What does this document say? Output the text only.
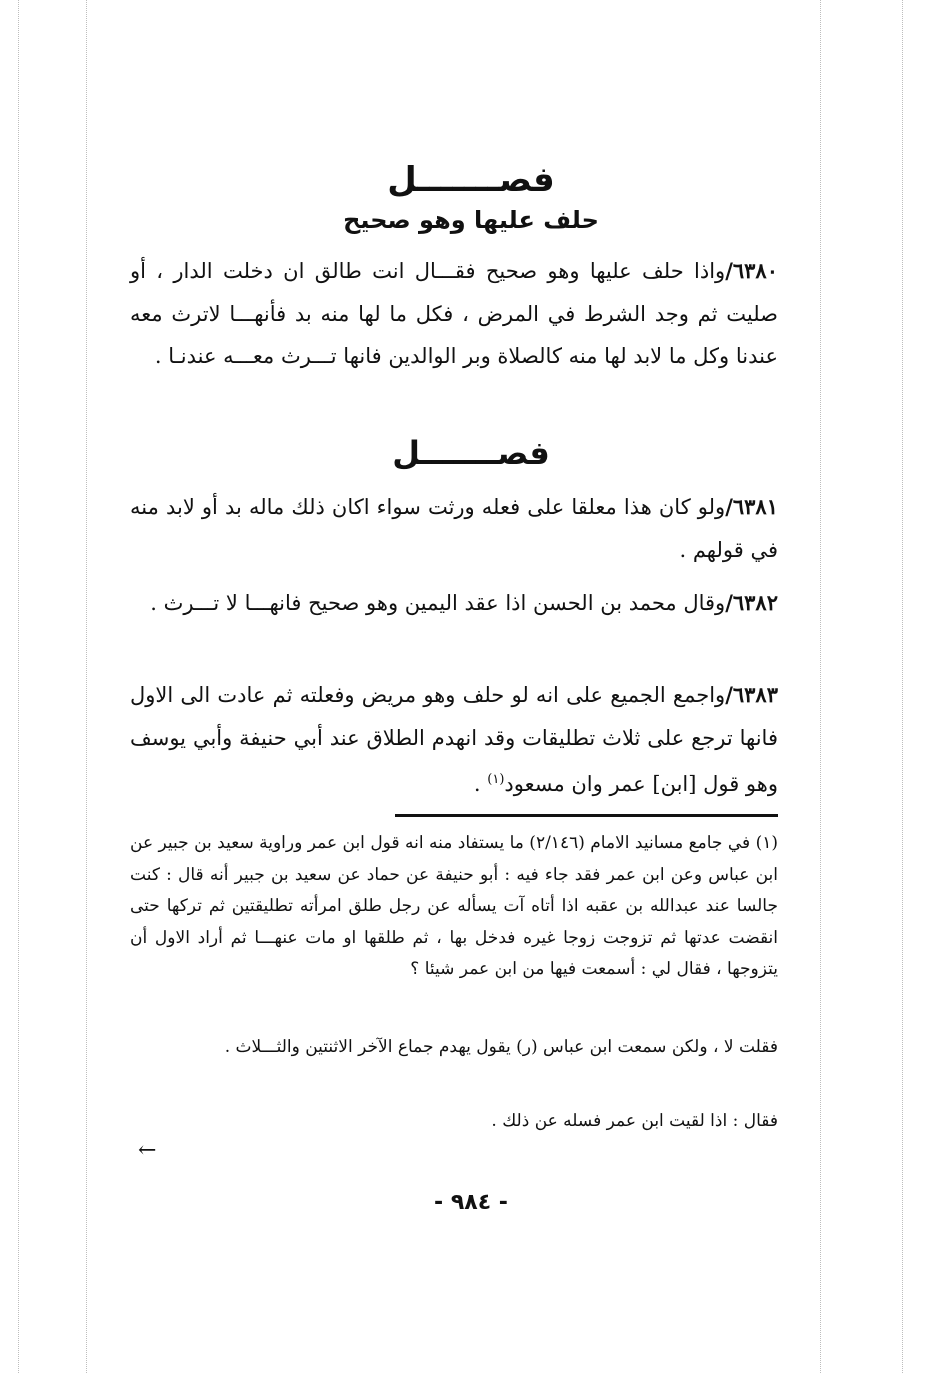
فصـــــــل
حلف عليها وهو صحيح
٦٣٨٠/واذا حلف عليها وهو صحيح فقـــال انت طالق ان دخلت الدار ، أو صليت ثم وجد الشرط في المرض ، فكل ما لها منه بد فأنهـــا لاترث معه عندنا وكل ما لابد لها منه كالصلاة وبر الوالدين فانها تـــرث معـــه عندنـا .
فصـــــــل
٦٣٨١/ولو كان هذا معلقا على فعله ورثت سواء اكان ذلك ماله بد أو لابد منه في قولهم .
٦٣٨٢/وقال محمد بن الحسن اذا عقد اليمين وهو صحيح فانهـــا لا تـــرث .
٦٣٨٣/واجمع الجميع على انه لو حلف وهو مريض وفعلته ثم عادت الى الاول فانها ترجع على ثلاث تطليقات وقد انهدم الطلاق عند أبي حنيفة وأبي يوسف وهو قول [ابن] عمر وان مسعود$^{(١)}$ .
(١) في جامع مسانيد الامام (٢/١٤٦) ما يستفاد منه انه قول ابن عمر وراوية سعيد بن جبير عن ابن عباس وعن ابن عمر فقد جاء فيه : أبو حنيفة عن حماد عن سعيد بن جبير أنه قال : كنت جالسا عند عبدالله بن عقبه اذا أتاه آت يسأله عن رجل طلق امرأته تطليقتين ثم تركها حتى انقضت عدتها ثم تزوجت زوجا غيره فدخل بها ، ثم طلقها او مات عنهـــا ثم أراد الاول أن يتزوجها ، فقال لي : أسمعت فيها من ابن عمر شيئا ؟
فقلت لا ، ولكن سمعت ابن عباس (ر) يقول يهدم جماع الآخر الاثنتين والثـــلاث .
فقال : اذا لقيت ابن عمر فسله عن ذلك .
←
- ٩٨٤ -
